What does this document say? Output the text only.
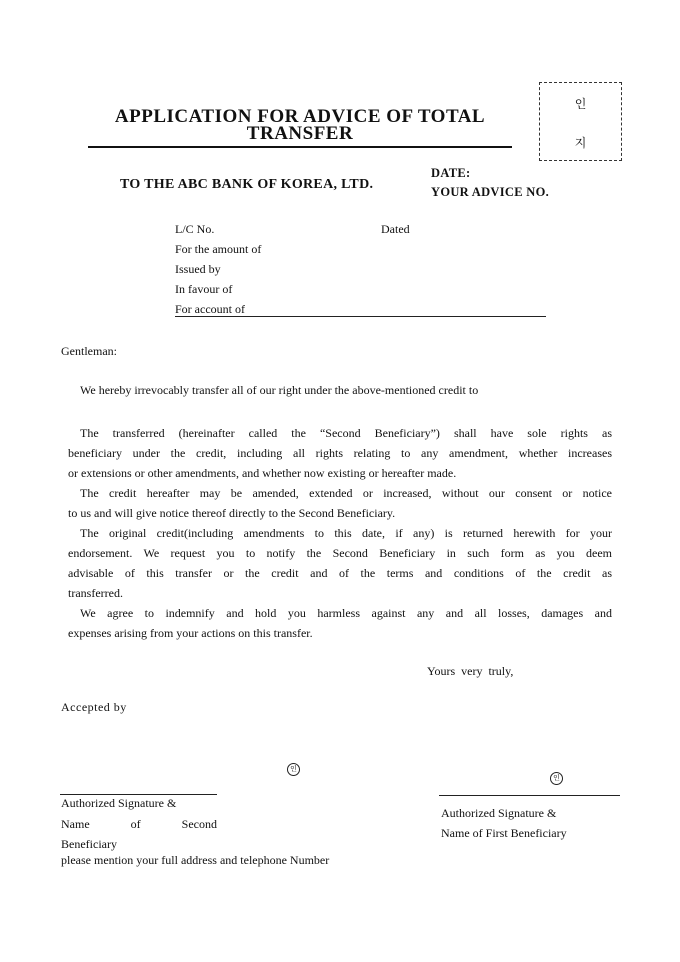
APPLICATION FOR ADVICE OF TOTAL
TRANSFER
인
지
TO THE ABC BANK OF KOREA, LTD.
DATE:
YOUR ADVICE NO.
L/C No.	Dated
For the amount of
Issued by
In favour of
For account of
Gentleman:
We hereby irrevocably transfer all of our right under the above-mentioned credit to
The transferred (hereinafter called the “Second Beneficiary”) shall have sole rights as
beneficiary under the credit, including all rights relating to any amendment, whether increases
or extensions or other amendments, and whether now existing or hereafter made.
The credit hereafter may be amended, extended or increased, without our consent or notice
to us and will give notice thereof directly to the Second Beneficiary.
The original credit(including amendments to this date, if any) is returned herewith for your
endorsement. We request you to notify the Second Beneficiary in such form as you deem
advisable of this transfer or the credit and of the terms and conditions of the credit as
transferred.
We agree to indemnify and hold you harmless against any and all losses, damages and
expenses arising from your actions on this transfer.
Yours very truly,
Accepted by
인
Authorized Signature &
Name	of	Second
Beneficiary
please mention your full address and telephone Number
인
Authorized Signature &
Name of First Beneficiary
